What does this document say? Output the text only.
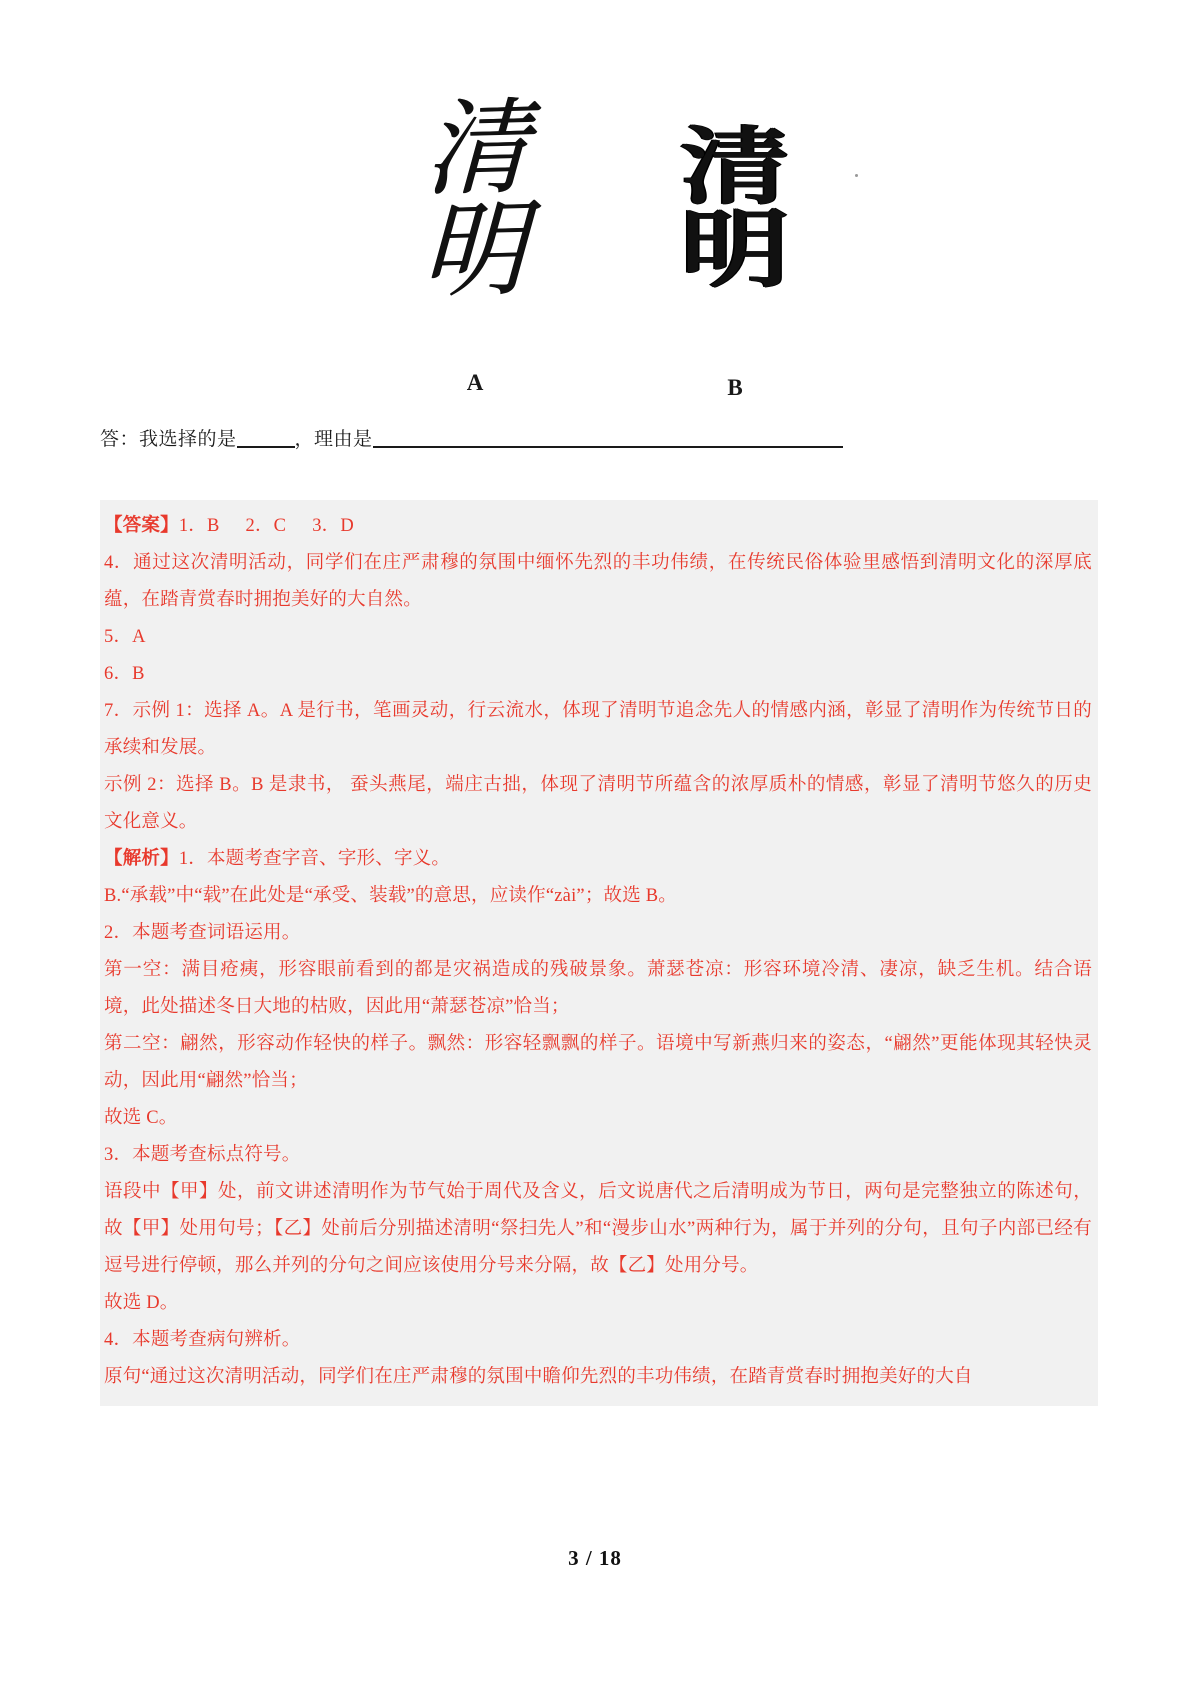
清
明
清
明
A	B
答：我选择的是	，理由是

【答案】1．B 2．C 3．D

4．通过这次清明活动，同学们在庄严肃穆的氛围中缅怀先烈的丰功伟绩，在传统民俗体验里感悟到清明文化的深厚底蕴，在踏青赏春时拥抱美好的大自然。

5．A

6．B

7．示例 1：选择 A。A 是行书，笔画灵动，行云流水，体现了清明节追念先人的情感内涵，彰显了清明作为传统节日的承续和发展。

示例 2：选择 B。B 是隶书， 蚕头燕尾，端庄古拙，体现了清明节所蕴含的浓厚质朴的情感，彰显了清明节悠久的历史文化意义。

【解析】1．本题考查字音、字形、字义。

B.“承载”中“载”在此处是“承受、装载”的意思，应读作“zài”；故选 B。

2．本题考查词语运用。

第一空：满目疮痍，形容眼前看到的都是灾祸造成的残破景象。萧瑟苍凉：形容环境冷清、凄凉，缺乏生机。结合语境，此处描述冬日大地的枯败，因此用“萧瑟苍凉”恰当；

第二空：翩然，形容动作轻快的样子。飘然：形容轻飘飘的样子。语境中写新燕归来的姿态，“翩然”更能体现其轻快灵动，因此用“翩然”恰当；

故选 C。

3．本题考查标点符号。

语段中【甲】处，前文讲述清明作为节气始于周代及含义，后文说唐代之后清明成为节日，两句是完整独立的陈述句，故【甲】处用句号；【乙】处前后分别描述清明“祭扫先人”和“漫步山水”两种行为，属于并列的分句，且句子内部已经有逗号进行停顿，那么并列的分句之间应该使用分号来分隔，故【乙】处用分号。

故选 D。

4．本题考查病句辨析。

原句“通过这次清明活动，同学们在庄严肃穆的氛围中瞻仰先烈的丰功伟绩，在踏青赏春时拥抱美好的大自

3 / 18
